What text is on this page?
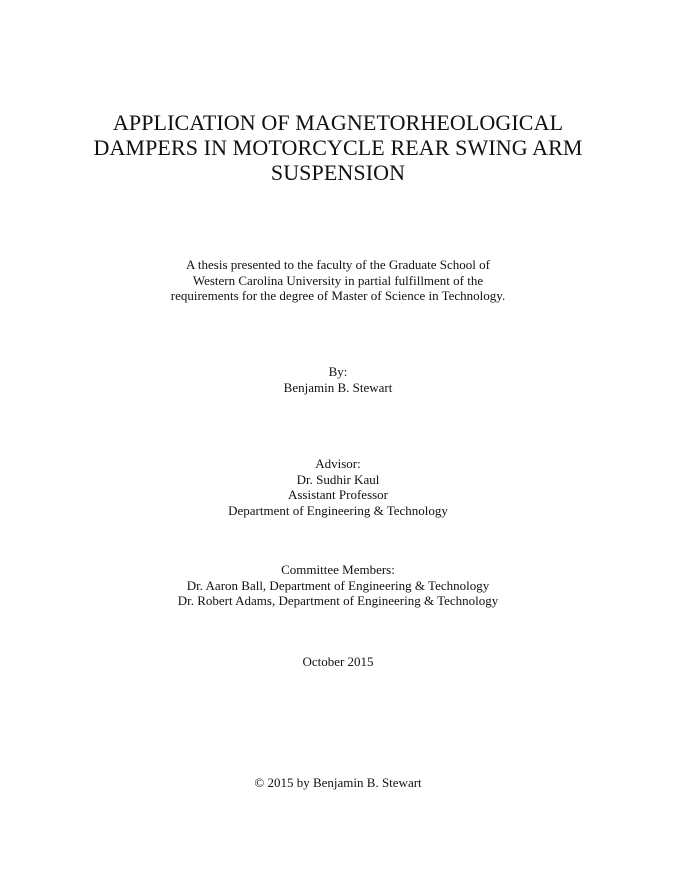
APPLICATION OF MAGNETORHEOLOGICAL
DAMPERS IN MOTORCYCLE REAR SWING ARM
SUSPENSION
A thesis presented to the faculty of the Graduate School of
Western Carolina University in partial fulfillment of the
requirements for the degree of Master of Science in Technology.
By:
Benjamin B. Stewart
Advisor:
Dr. Sudhir Kaul
Assistant Professor
Department of Engineering & Technology
Committee Members:
Dr. Aaron Ball, Department of Engineering & Technology
Dr. Robert Adams, Department of Engineering & Technology
October 2015
© 2015 by Benjamin B. Stewart
